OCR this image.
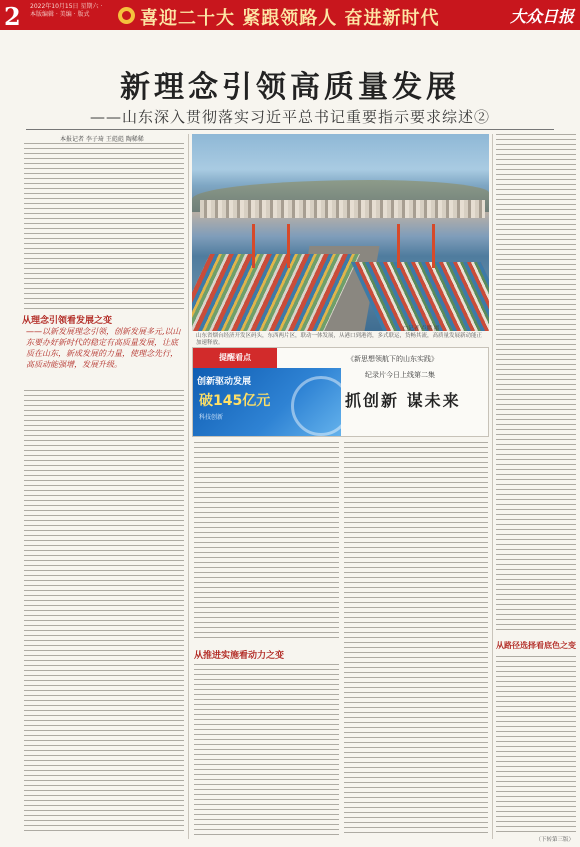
2 2022年10月15日 星期六 · 本版编辑 · 美编 · 版式	喜迎二十大 紧跟领路人 奋进新时代	大众日报
新理念引领高质量发展
——山东深入贯彻落实习近平总书记重要指示要求综述②
本报记者 李子琦 王彪彪 陶稀稀
从理念引领看发展之变
——以新发展理念引领，创新发展多元,以山东要办好新时代的稳定有高质量发展，让底质在山东，新成发展的力量，使理念先行，高质动能强增，发展升级。
□记者 卢鹏 摄
山东省烟台经济开发区码头，东西两片区，联动一体发展，从港口到港湾，多式联运，货畅其流，高质量发展新动能正加速释放。
从路径选择看底色之变
提醒看点
创新驱动发展
破145亿元
科技创新
《新思想领航下的山东实践》
纪录片今日上线第二集
抓创新 谋未来
从推进实施看动力之变
（下转第三版）
